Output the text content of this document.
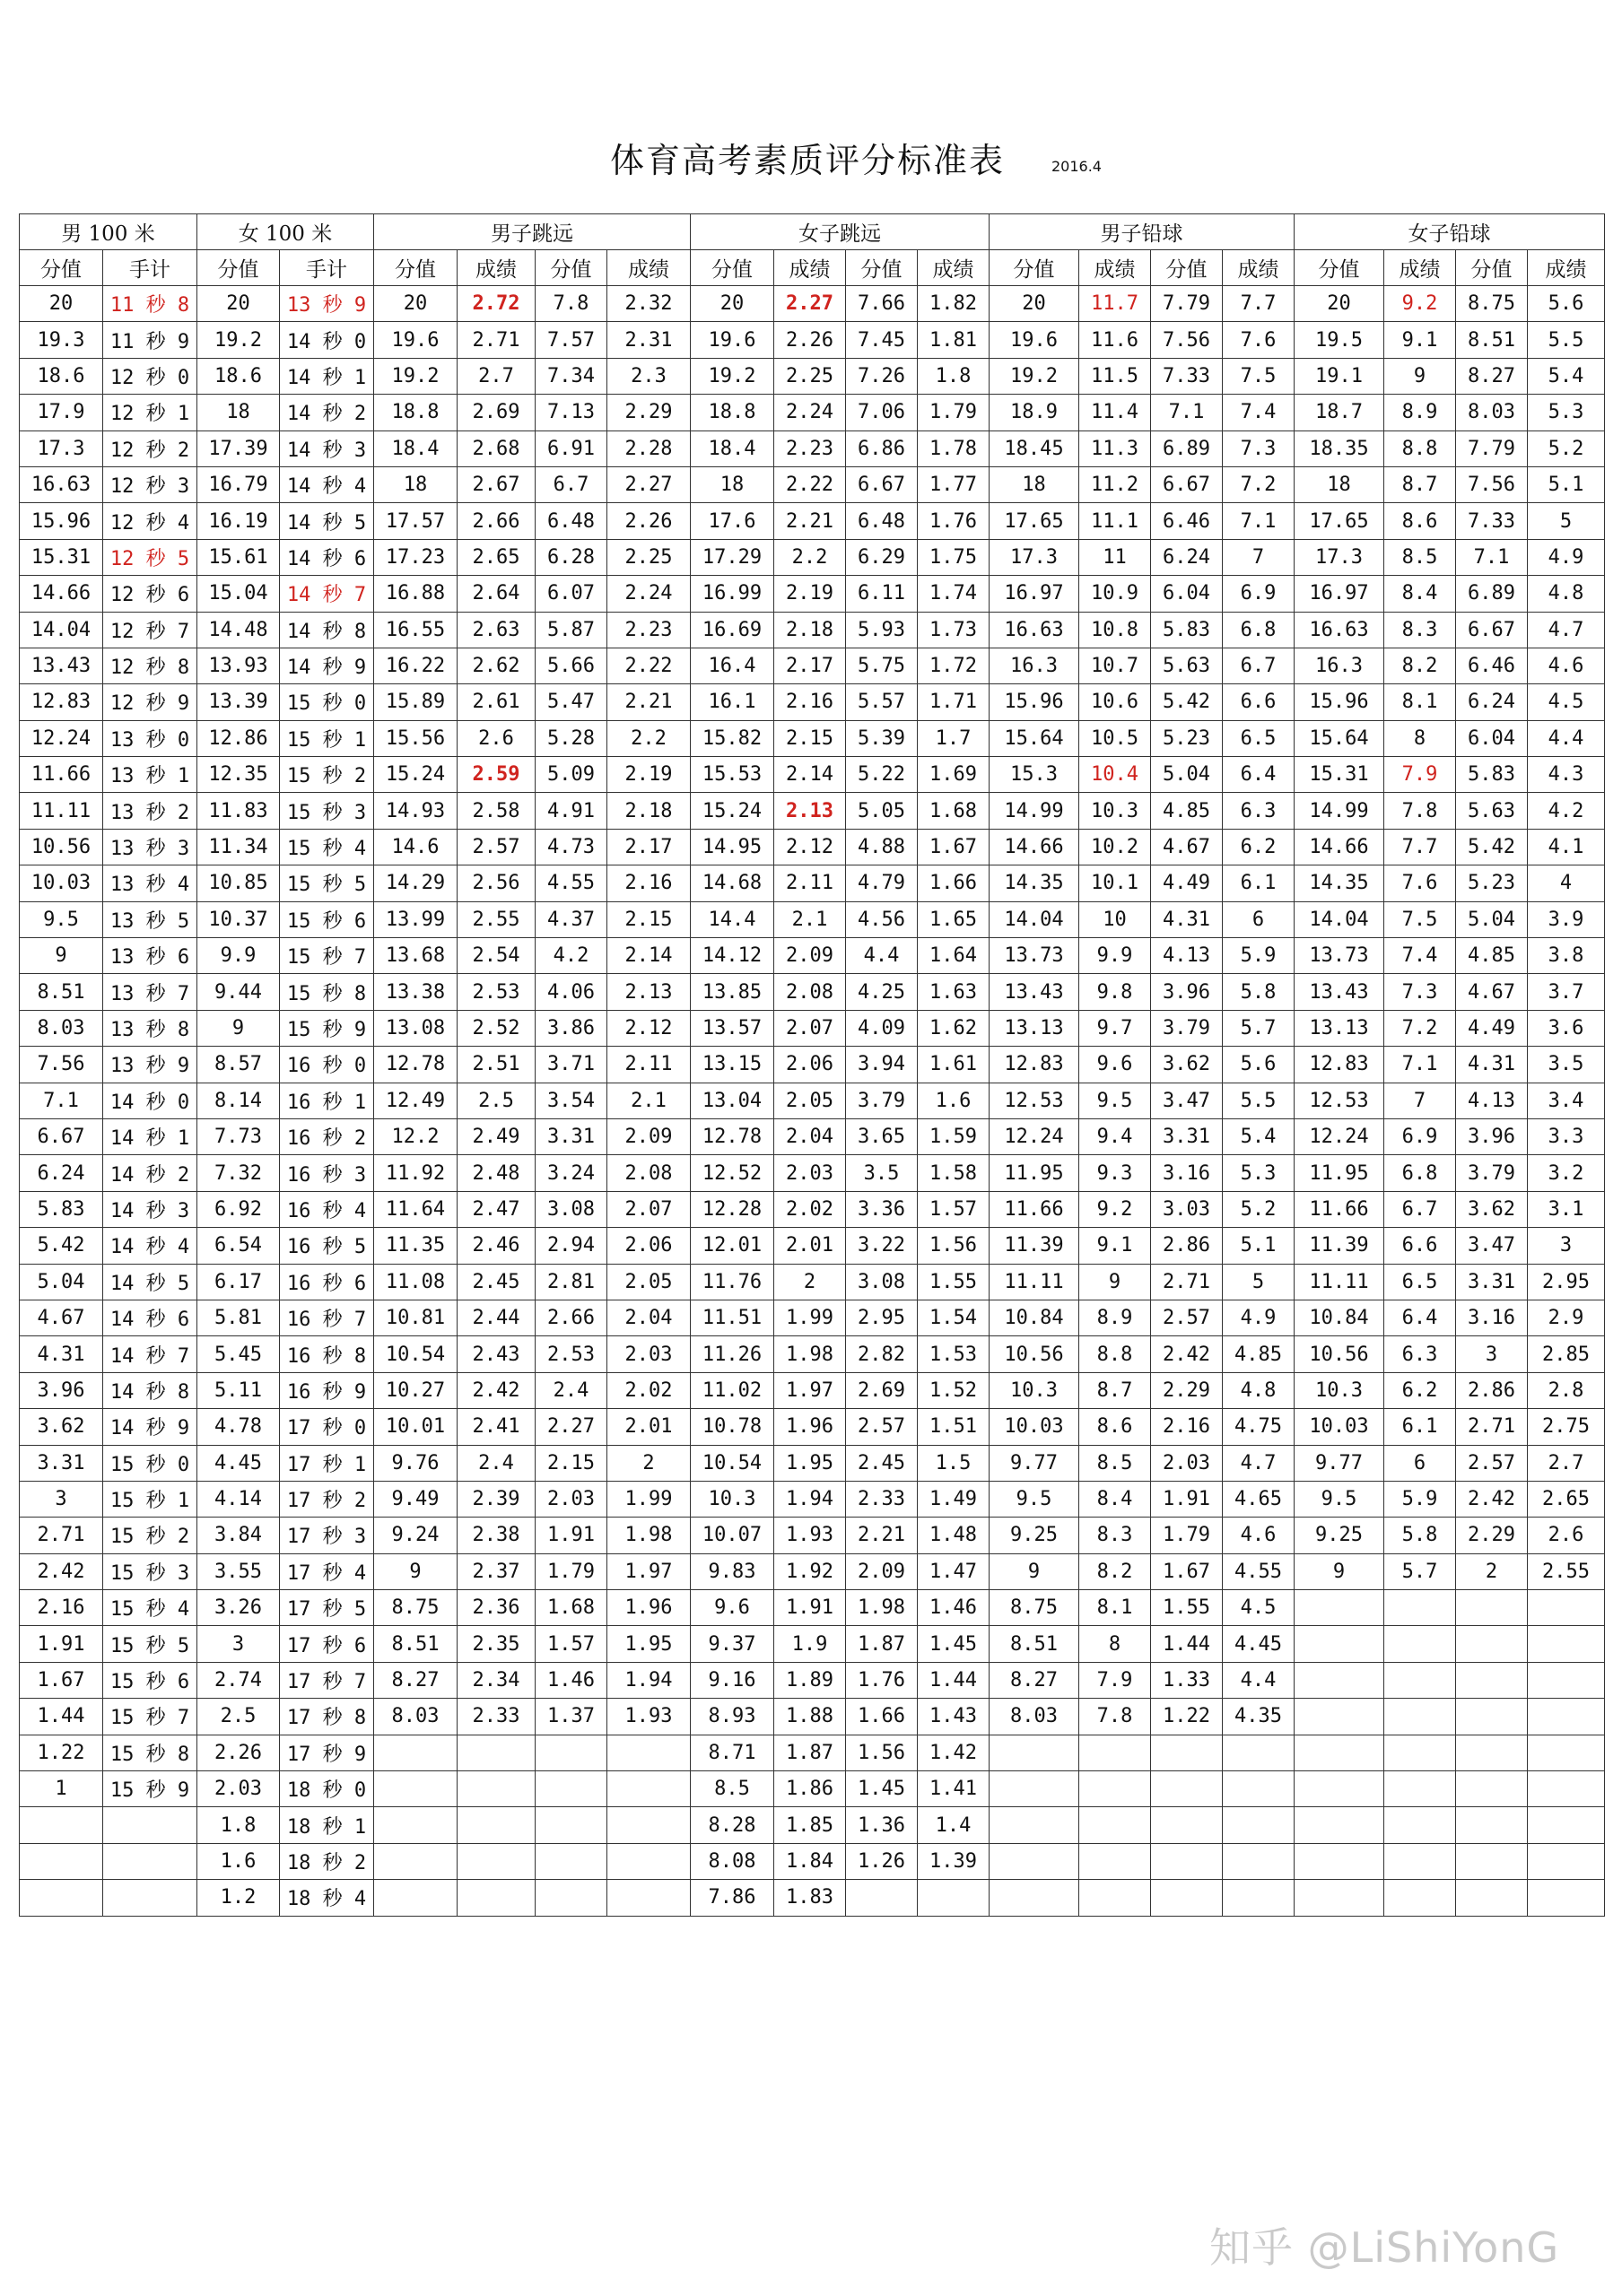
体育高考素质评分标准表	2016.4
男 100 米		女 100 米		男子跳远				女子跳远				男子铅球				女子铅球			
分值	手计	分值	手计	分值	成绩	分值	成绩	分值	成绩	分值	成绩	分值	成绩	分值	成绩	分值	成绩	分值	成绩
20	11 秒 8	20	13 秒 9	20	2.72	7.8	2.32	20	2.27	7.66	1.82	20	11.7	7.79	7.7	20	9.2	8.75	5.6
19.3	11 秒 9	19.2	14 秒 0	19.6	2.71	7.57	2.31	19.6	2.26	7.45	1.81	19.6	11.6	7.56	7.6	19.5	9.1	8.51	5.5
18.6	12 秒 0	18.6	14 秒 1	19.2	2.7	7.34	2.3	19.2	2.25	7.26	1.8	19.2	11.5	7.33	7.5	19.1	9	8.27	5.4
17.9	12 秒 1	18	14 秒 2	18.8	2.69	7.13	2.29	18.8	2.24	7.06	1.79	18.9	11.4	7.1	7.4	18.7	8.9	8.03	5.3
17.3	12 秒 2	17.39	14 秒 3	18.4	2.68	6.91	2.28	18.4	2.23	6.86	1.78	18.45	11.3	6.89	7.3	18.35	8.8	7.79	5.2
16.63	12 秒 3	16.79	14 秒 4	18	2.67	6.7	2.27	18	2.22	6.67	1.77	18	11.2	6.67	7.2	18	8.7	7.56	5.1
15.96	12 秒 4	16.19	14 秒 5	17.57	2.66	6.48	2.26	17.6	2.21	6.48	1.76	17.65	11.1	6.46	7.1	17.65	8.6	7.33	5
15.31	12 秒 5	15.61	14 秒 6	17.23	2.65	6.28	2.25	17.29	2.2	6.29	1.75	17.3	11	6.24	7	17.3	8.5	7.1	4.9
14.66	12 秒 6	15.04	14 秒 7	16.88	2.64	6.07	2.24	16.99	2.19	6.11	1.74	16.97	10.9	6.04	6.9	16.97	8.4	6.89	4.8
14.04	12 秒 7	14.48	14 秒 8	16.55	2.63	5.87	2.23	16.69	2.18	5.93	1.73	16.63	10.8	5.83	6.8	16.63	8.3	6.67	4.7
13.43	12 秒 8	13.93	14 秒 9	16.22	2.62	5.66	2.22	16.4	2.17	5.75	1.72	16.3	10.7	5.63	6.7	16.3	8.2	6.46	4.6
12.83	12 秒 9	13.39	15 秒 0	15.89	2.61	5.47	2.21	16.1	2.16	5.57	1.71	15.96	10.6	5.42	6.6	15.96	8.1	6.24	4.5
12.24	13 秒 0	12.86	15 秒 1	15.56	2.6	5.28	2.2	15.82	2.15	5.39	1.7	15.64	10.5	5.23	6.5	15.64	8	6.04	4.4
11.66	13 秒 1	12.35	15 秒 2	15.24	2.59	5.09	2.19	15.53	2.14	5.22	1.69	15.3	10.4	5.04	6.4	15.31	7.9	5.83	4.3
11.11	13 秒 2	11.83	15 秒 3	14.93	2.58	4.91	2.18	15.24	2.13	5.05	1.68	14.99	10.3	4.85	6.3	14.99	7.8	5.63	4.2
10.56	13 秒 3	11.34	15 秒 4	14.6	2.57	4.73	2.17	14.95	2.12	4.88	1.67	14.66	10.2	4.67	6.2	14.66	7.7	5.42	4.1
10.03	13 秒 4	10.85	15 秒 5	14.29	2.56	4.55	2.16	14.68	2.11	4.79	1.66	14.35	10.1	4.49	6.1	14.35	7.6	5.23	4
9.5	13 秒 5	10.37	15 秒 6	13.99	2.55	4.37	2.15	14.4	2.1	4.56	1.65	14.04	10	4.31	6	14.04	7.5	5.04	3.9
9	13 秒 6	9.9	15 秒 7	13.68	2.54	4.2	2.14	14.12	2.09	4.4	1.64	13.73	9.9	4.13	5.9	13.73	7.4	4.85	3.8
8.51	13 秒 7	9.44	15 秒 8	13.38	2.53	4.06	2.13	13.85	2.08	4.25	1.63	13.43	9.8	3.96	5.8	13.43	7.3	4.67	3.7
8.03	13 秒 8	9	15 秒 9	13.08	2.52	3.86	2.12	13.57	2.07	4.09	1.62	13.13	9.7	3.79	5.7	13.13	7.2	4.49	3.6
7.56	13 秒 9	8.57	16 秒 0	12.78	2.51	3.71	2.11	13.15	2.06	3.94	1.61	12.83	9.6	3.62	5.6	12.83	7.1	4.31	3.5
7.1	14 秒 0	8.14	16 秒 1	12.49	2.5	3.54	2.1	13.04	2.05	3.79	1.6	12.53	9.5	3.47	5.5	12.53	7	4.13	3.4
6.67	14 秒 1	7.73	16 秒 2	12.2	2.49	3.31	2.09	12.78	2.04	3.65	1.59	12.24	9.4	3.31	5.4	12.24	6.9	3.96	3.3
6.24	14 秒 2	7.32	16 秒 3	11.92	2.48	3.24	2.08	12.52	2.03	3.5	1.58	11.95	9.3	3.16	5.3	11.95	6.8	3.79	3.2
5.83	14 秒 3	6.92	16 秒 4	11.64	2.47	3.08	2.07	12.28	2.02	3.36	1.57	11.66	9.2	3.03	5.2	11.66	6.7	3.62	3.1
5.42	14 秒 4	6.54	16 秒 5	11.35	2.46	2.94	2.06	12.01	2.01	3.22	1.56	11.39	9.1	2.86	5.1	11.39	6.6	3.47	3
5.04	14 秒 5	6.17	16 秒 6	11.08	2.45	2.81	2.05	11.76	2	3.08	1.55	11.11	9	2.71	5	11.11	6.5	3.31	2.95
4.67	14 秒 6	5.81	16 秒 7	10.81	2.44	2.66	2.04	11.51	1.99	2.95	1.54	10.84	8.9	2.57	4.9	10.84	6.4	3.16	2.9
4.31	14 秒 7	5.45	16 秒 8	10.54	2.43	2.53	2.03	11.26	1.98	2.82	1.53	10.56	8.8	2.42	4.85	10.56	6.3	3	2.85
3.96	14 秒 8	5.11	16 秒 9	10.27	2.42	2.4	2.02	11.02	1.97	2.69	1.52	10.3	8.7	2.29	4.8	10.3	6.2	2.86	2.8
3.62	14 秒 9	4.78	17 秒 0	10.01	2.41	2.27	2.01	10.78	1.96	2.57	1.51	10.03	8.6	2.16	4.75	10.03	6.1	2.71	2.75
3.31	15 秒 0	4.45	17 秒 1	9.76	2.4	2.15	2	10.54	1.95	2.45	1.5	9.77	8.5	2.03	4.7	9.77	6	2.57	2.7
3	15 秒 1	4.14	17 秒 2	9.49	2.39	2.03	1.99	10.3	1.94	2.33	1.49	9.5	8.4	1.91	4.65	9.5	5.9	2.42	2.65
2.71	15 秒 2	3.84	17 秒 3	9.24	2.38	1.91	1.98	10.07	1.93	2.21	1.48	9.25	8.3	1.79	4.6	9.25	5.8	2.29	2.6
2.42	15 秒 3	3.55	17 秒 4	9	2.37	1.79	1.97	9.83	1.92	2.09	1.47	9	8.2	1.67	4.55	9	5.7	2	2.55
2.16	15 秒 4	3.26	17 秒 5	8.75	2.36	1.68	1.96	9.6	1.91	1.98	1.46	8.75	8.1	1.55	4.5				
1.91	15 秒 5	3	17 秒 6	8.51	2.35	1.57	1.95	9.37	1.9	1.87	1.45	8.51	8	1.44	4.45				
1.67	15 秒 6	2.74	17 秒 7	8.27	2.34	1.46	1.94	9.16	1.89	1.76	1.44	8.27	7.9	1.33	4.4				
1.44	15 秒 7	2.5	17 秒 8	8.03	2.33	1.37	1.93	8.93	1.88	1.66	1.43	8.03	7.8	1.22	4.35				
1.22	15 秒 8	2.26	17 秒 9					8.71	1.87	1.56	1.42								
1	15 秒 9	2.03	18 秒 0					8.5	1.86	1.45	1.41								
		1.8	18 秒 1					8.28	1.85	1.36	1.4								
		1.6	18 秒 2					8.08	1.84	1.26	1.39								
		1.2	18 秒 4					7.86	1.83										
知乎 @LiShiYonG
